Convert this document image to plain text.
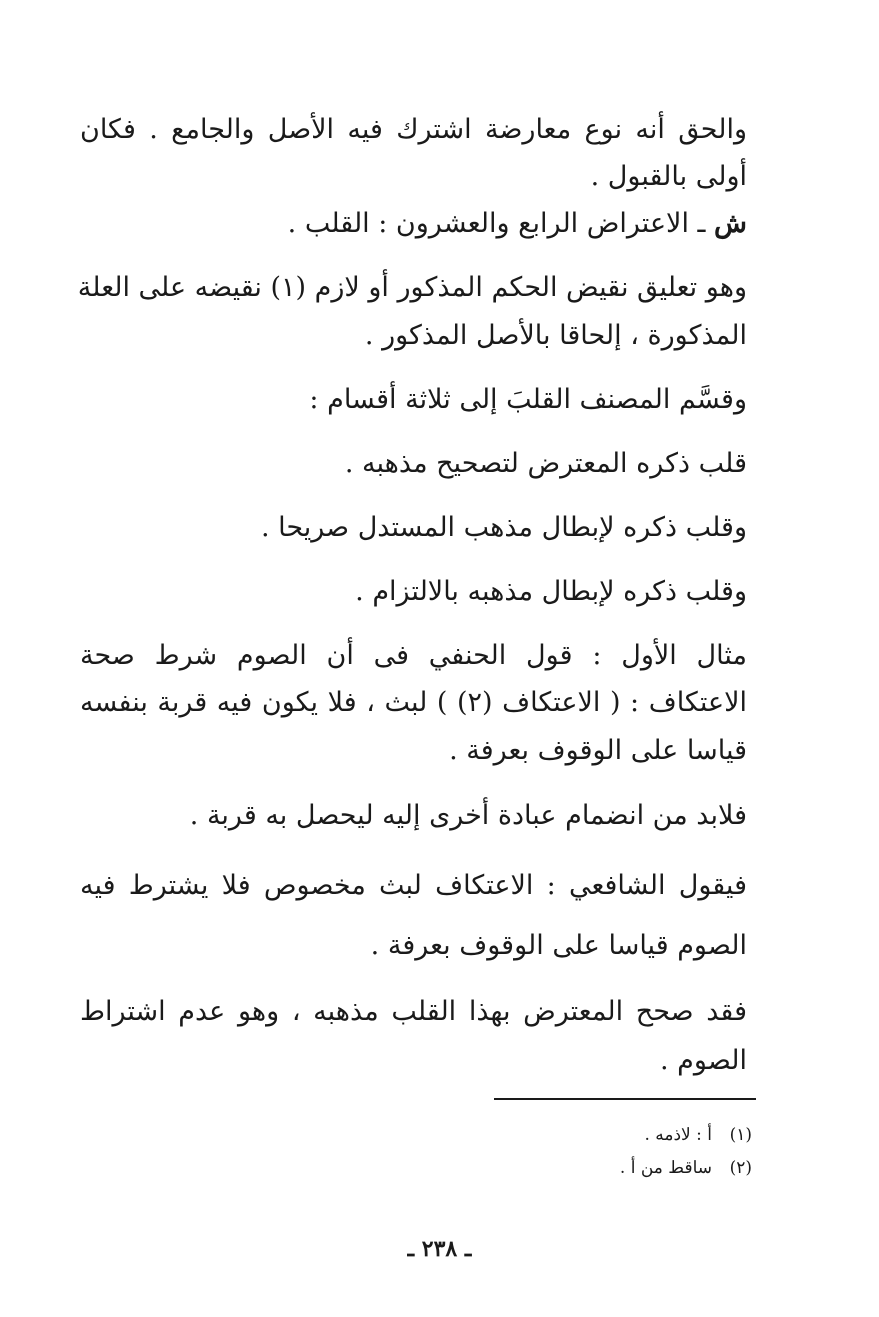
والحق أنه نوع معارضة اشترك فيه الأصل والجامع . فكان
أولى بالقبول .
ش ـ الاعتراض الرابع والعشرون : القلب .
وهو تعليق نقيض الحكم المذكور أو لازم (١) نقيضه على العلة
المذكورة ، إلحاقا بالأصل المذكور .
وقسَّم المصنف القلبَ إلى ثلاثة أقسام :
قلب ذكره المعترض لتصحيح مذهبه .
وقلب ذكره لإبطال مذهب المستدل صريحا .
وقلب ذكره لإبطال مذهبه بالالتزام .
مثال الأول : قول الحنفي فى أن الصوم شرط صحة
الاعتكاف : ( الاعتكاف (٢) ) لبث ، فلا يكون فيه قربة بنفسه
قياسا على الوقوف بعرفة .
فلابد من انضمام عبادة أخرى إليه ليحصل به قربة .
فيقول الشافعي : الاعتكاف لبث مخصوص فلا يشترط فيه
الصوم قياسا على الوقوف بعرفة .
فقد صحح المعترض بهذا القلب مذهبه ، وهو عدم اشتراط
الصوم .
(١)أ : لاذمه .
(٢)ساقط من أ .
ـ ٢٣٨ ـ
